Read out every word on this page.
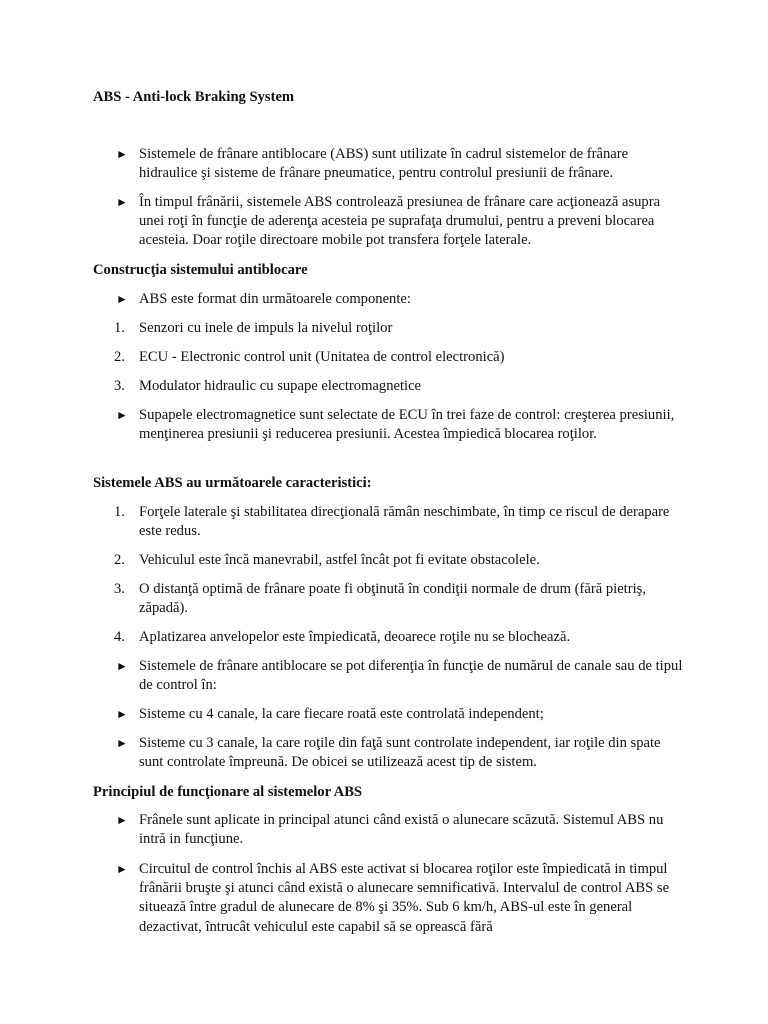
ABS - Anti-lock Braking System
► Sistemele de frânare antiblocare (ABS) sunt utilizate în cadrul sistemelor de frânare hidraulice şi sisteme de frânare pneumatice, pentru controlul presiunii de frânare.
► În timpul frânării, sistemele ABS controlează presiunea de frânare care acţionează asupra unei roţi în funcţie de aderenţa acesteia pe suprafaţa drumului, pentru a preveni blocarea acesteia. Doar roţile directoare mobile pot transfera forţele laterale.
Construcţia sistemului antiblocare
► ABS este format din următoarele componente:
1. Senzori cu inele de impuls la nivelul roţilor
2. ECU - Electronic control unit (Unitatea de control electronică)
3. Modulator hidraulic cu supape electromagnetice
► Supapele electromagnetice sunt selectate de ECU în trei faze de control: creşterea presiunii, menţinerea presiunii şi reducerea presiunii. Acestea împiedică blocarea roţilor.
Sistemele ABS au următoarele caracteristici:
1. Forţele laterale şi stabilitatea direcţională rămân neschimbate, în timp ce riscul de derapare este redus.
2. Vehiculul este încă manevrabil, astfel încât pot fi evitate obstacolele.
3. O distanţă optimă de frânare poate fi obţinută în condiţii normale de drum (fără pietriş, zăpadă).
4. Aplatizarea anvelopelor este împiedicată, deoarece roţile nu se blochează.
► Sistemele de frânare antiblocare se pot diferenţia în funcţie de numărul de canale sau de tipul de control în:
► Sisteme cu 4 canale, la care fiecare roată este controlată independent;
► Sisteme cu 3 canale, la care roţile din faţă sunt controlate independent, iar roţile din spate sunt controlate împreună. De obicei se utilizează acest tip de sistem.
Principiul de funcţionare al sistemelor ABS
► Frânele sunt aplicate in principal atunci când există o alunecare scăzută. Sistemul ABS nu intră in funcţiune.
► Circuitul de control închis al ABS este activat si blocarea roţilor este împiedicată in timpul frânării bruşte şi atunci când există o alunecare semnificativă. Intervalul de control ABS se situează între gradul de alunecare de 8% şi 35%. Sub 6 km/h, ABS-ul este în general dezactivat, întrucât vehiculul este capabil să se oprească fără
